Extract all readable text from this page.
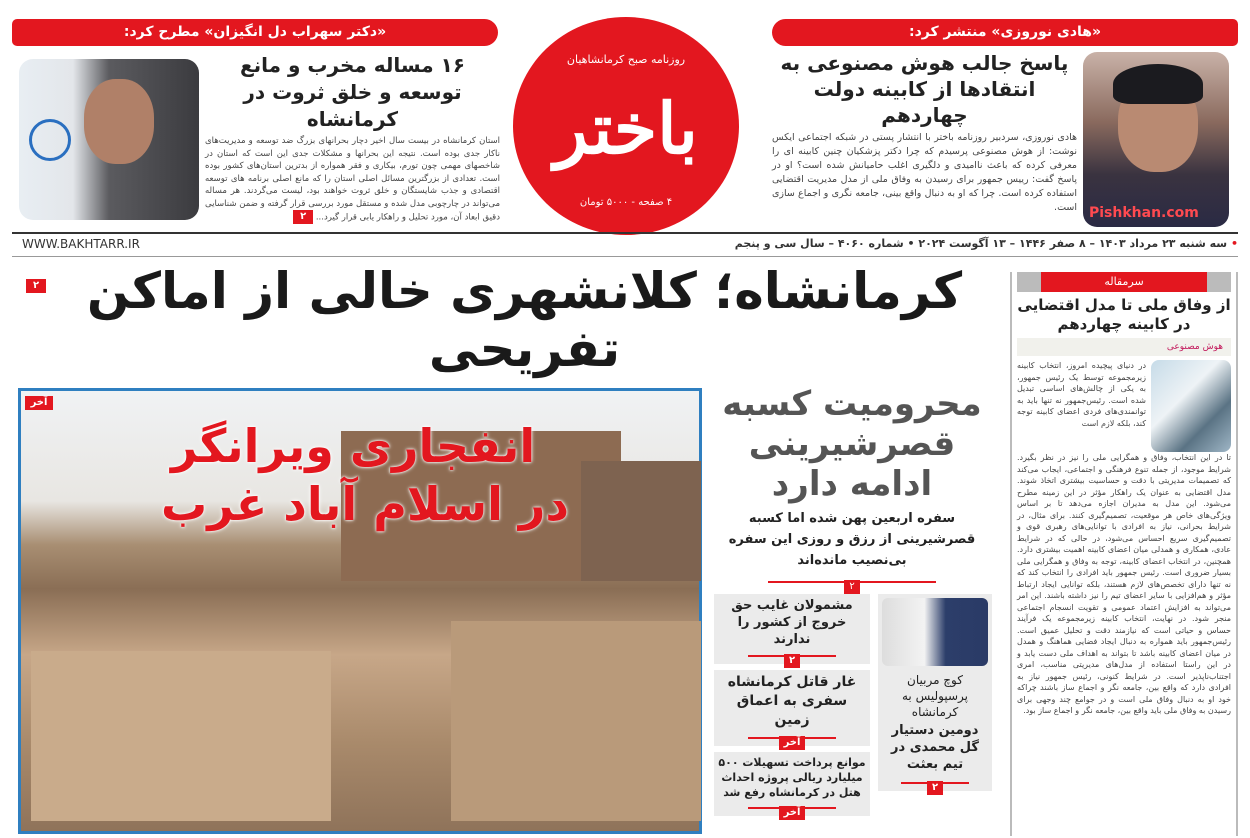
«هادی نوروزی» منتشر کرد:
Pishkhan.com
پاسخ جالب هوش مصنوعی به انتقادها از کابینه دولت چهاردهم
هادی نوروزی، سردبیر روزنامه باختر با انتشار پستی در شبکه اجتماعی ایکس نوشت: از هوش مصنوعی پرسیدم که چرا دکتر پزشکیان چنین کابینه ای را معرفی کرده که باعث ناامیدی و دلگیری اغلب حامیانش شده است؟ او در پاسخ گفت: رییس جمهور برای رسیدن به وفاق ملی از مدل مدیریت اقتضایی استفاده کرده است. چرا که او به دنبال واقع بینی، جامعه نگری و اجماع سازی است.
«دکتر سهراب دل انگیزان» مطرح کرد:
۱۶ مساله مخرب و مانع توسعه و خلق ثروت در کرمانشاه
استان کرمانشاه در بیست سال اخیر دچار بحرانهای بزرگ ضد توسعه و مدیریت‌های ناکار جدی بوده است. نتیجه این بحرانها و مشکلات جدی این است که استان در شاخصهای مهمی چون تورم، بیکاری و فقر همواره از بدترین استان‌های کشور بوده است. تعدادی از بزرگترین مسائل اصلی استان را که مانع اصلی برنامه های توسعه اقتصادی و جذب شایستگان و خلق ثروت خواهند بود، لیست می‌گردند. هر مساله می‌تواند در چارچوبی مدل شده و مستقل مورد بررسی قرار گرفته و ضمن شناسایی دقیق ابعاد آن، مورد تحلیل و راهکار یابی قرار گیرد... ۲
روزنامه صبح کرمانشاهیان
باختر
۴ صفحه - ۵۰۰۰ تومان
WWW.BAKHTARR.IR	• سه شنبه ۲۳ مرداد ۱۴۰۳ – ۸ صفر ۱۴۴۶ – ۱۳ آگوست ۲۰۲۴ • شماره ۴۰۶۰ – سال سی و پنجم
۲ کرمانشاه؛ کلانشهری خالی از اماکن تفریحی
آخر
انفجاری ویرانگر
در اسلام آباد غرب
محرومیت کسبه قصرشیرینی ادامه دارد
سفره اربعین پهن شده اما کسبه قصرشیرینی از رزق و روزی این سفره بی‌نصیب مانده‌اند
۲
مشمولان غایب حق خروج از کشور را ندارند
۲
غار قاتل کرمانشاه سفری به اعماق زمین
آخر
موانع پرداخت تسهیلات ۵۰۰ میلیارد ریالی پروژه احداث هتل در کرمانشاه رفع شد
آخر
کوچ مربیان پرسپولیس به کرمانشاه
دومین دستیار گل محمدی در تیم بعثت
۲
سرمقاله
از وفاق ملی تا مدل اقتضایی در کابینه چهاردهم
هوش مصنوعی
در دنیای پیچیده امروز، انتخاب کابینه زیرمجموعه توسط یک رئیس جمهور، به یکی از چالش‌های اساسی تبدیل شده است. رئیس‌جمهور نه تنها باید به توانمندی‌های فردی اعضای کابینه توجه کند، بلکه لازم است
تا در این انتخاب، وفاق و همگرایی ملی را نیز در نظر بگیرد. شرایط موجود، از جمله تنوع فرهنگی و اجتماعی، ایجاب می‌کند که تصمیمات مدیریتی با دقت و حساسیت بیشتری اتخاذ شوند. مدل اقتضایی به عنوان یک راهکار مؤثر در این زمینه مطرح می‌شود. این مدل به مدیران اجازه می‌دهد تا بر اساس ویژگی‌های خاص هر موقعیت، تصمیم‌گیری کنند. برای مثال، در شرایط بحرانی، نیاز به افرادی با توانایی‌های رهبری قوی و تصمیم‌گیری سریع احساس می‌شود، در حالی که در شرایط عادی، همکاری و همدلی میان اعضای کابینه اهمیت بیشتری دارد. همچنین، در انتخاب اعضای کابینه، توجه به وفاق و همگرایی ملی بسیار ضروری است. رئیس جمهور باید افرادی را انتخاب کند که نه تنها دارای تخصص‌های لازم هستند، بلکه توانایی ایجاد ارتباط مؤثر و هم‌افزایی با سایر اعضای تیم را نیز داشته باشند. این امر می‌تواند به افزایش اعتماد عمومی و تقویت انسجام اجتماعی منجر شود. در نهایت، انتخاب کابینه زیرمجموعه یک فرآیند حساس و حیاتی است که نیازمند دقت و تحلیل عمیق است. رئیس‌جمهور باید همواره به دنبال ایجاد فضایی هماهنگ و همدل در میان اعضای کابینه باشد تا بتواند به اهداف ملی دست یابد و در این راستا استفاده از مدل‌های مدیریتی مناسب، امری اجتناب‌ناپذیر است. در شرایط کنونی، رئیس جمهور نیاز به افرادی دارد که واقع بین، جامعه نگر و اجماع ساز باشند چراکه خود او به دنبال وفاق ملی است و در جوامع چند وجهی برای رسیدن به وفاق ملی باید واقع بین، جامعه نگر و اجماع ساز بود.
